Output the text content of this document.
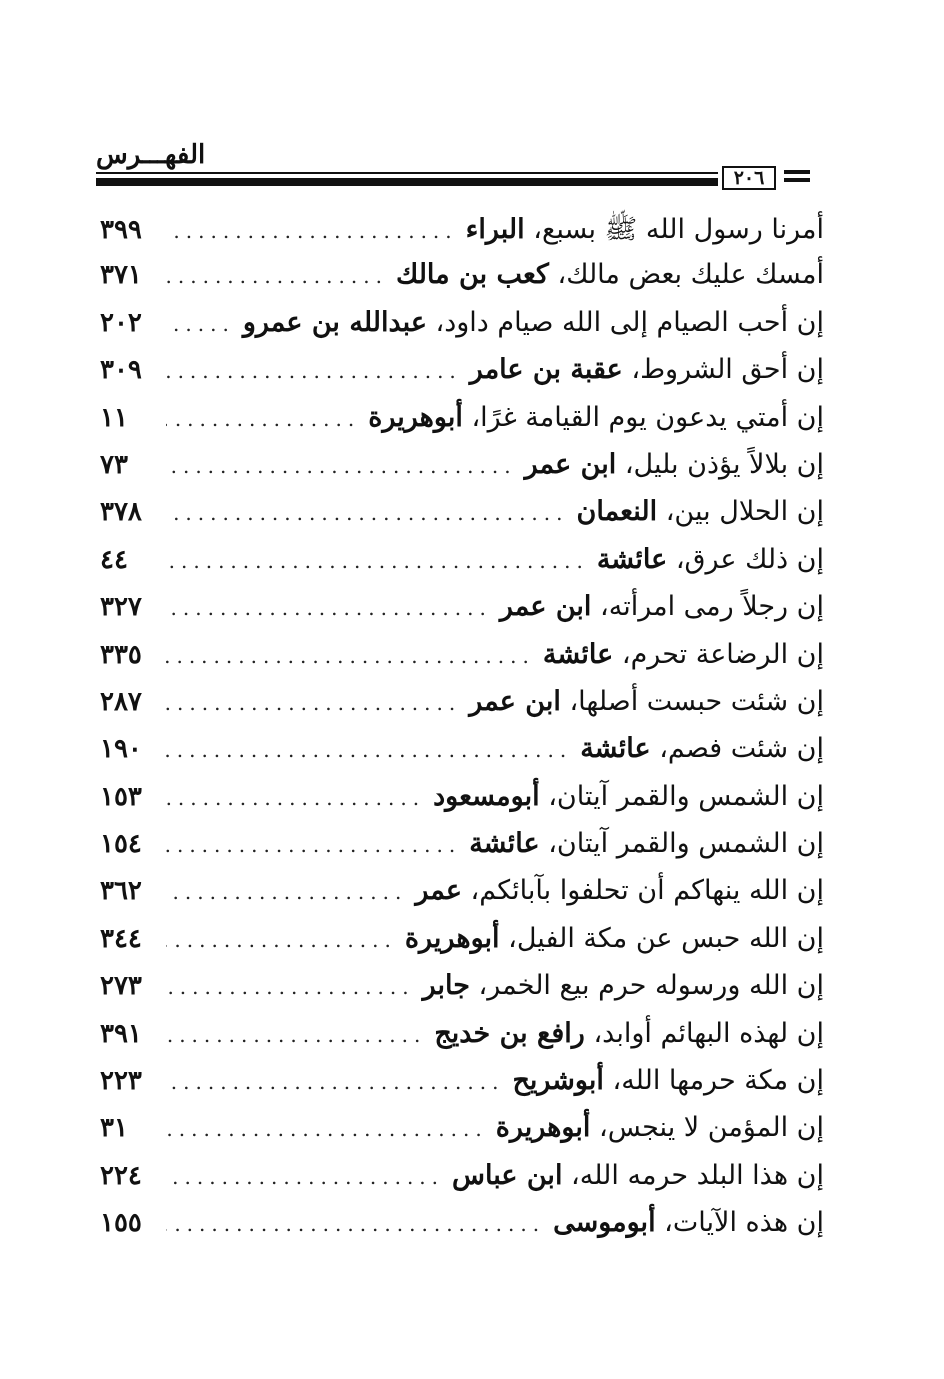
الفهـــرس
٢٠٦
أمرنا رسول الله ﷺ بسبع، البراء
.....
٣٩٩
أمسك عليك بعض مالك، كعب بن مالك
.....
٣٧١
إن أحب الصيام إلى الله صيام داود، عبدالله بن عمرو
.....
٢٠٢
إن أحق الشروط، عقبة بن عامر
.....
٣٠٩
إن أمتي يدعون يوم القيامة غرًا، أبوهريرة
.....
١١
إن بلالاً يؤذن بليل، ابن عمر
.....
٧٣
إن الحلال بين، النعمان
.....
٣٧٨
إن ذلك عرق، عائشة
.....
٤٤
إن رجلاً رمى امرأته، ابن عمر
.....
٣٢٧
إن الرضاعة تحرم، عائشة
.....
٣٣٥
إن شئت حبست أصلها، ابن عمر
.....
٢٨٧
إن شئت فصم، عائشة
.....
١٩٠
إن الشمس والقمر آيتان، أبومسعود
.....
١٥٣
إن الشمس والقمر آيتان، عائشة
.....
١٥٤
إن الله ينهاكم أن تحلفوا بآبائكم، عمر
.....
٣٦٢
إن الله حبس عن مكة الفيل، أبوهريرة
.....
٣٤٤
إن الله ورسوله حرم بيع الخمر، جابر
.....
٢٧٣
إن لهذه البهائم أوابد، رافع بن خديج
.....
٣٩١
إن مكة حرمها الله، أبوشريح
.....
٢٢٣
إن المؤمن لا ينجس، أبوهريرة
.....
٣١
إن هذا البلد حرمه الله، ابن عباس
.....
٢٢٤
إن هذه الآيات، أبوموسى
.....
١٥٥
